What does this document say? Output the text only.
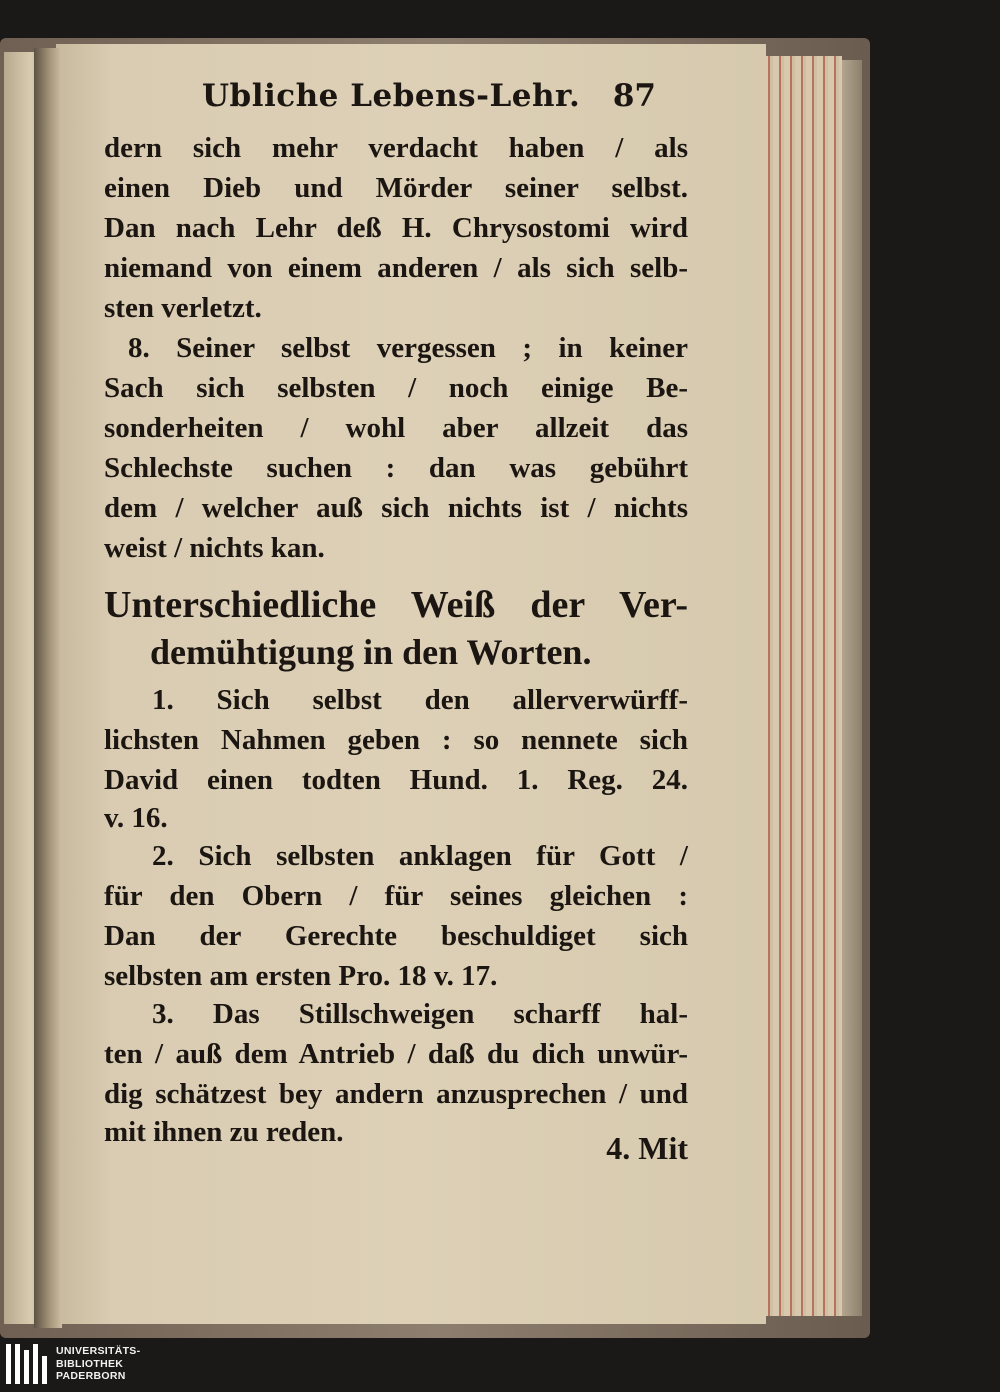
Ubliche Lebens-Lehr.	87
dern sich mehr verdacht haben / als
einen Dieb und Mörder seiner selbst.
Dan nach Lehr deß H. Chrysostomi wird
niemand von einem anderen / als sich selb-
sten verletzt.
8. Seiner selbst vergessen ; in keiner
Sach sich selbsten / noch einige Be-
sonderheiten / wohl aber allzeit das
Schlechste suchen : dan was gebührt
dem / welcher auß sich nichts ist / nichts
weist / nichts kan.
Unterschiedliche Weiß der Ver-
demühtigung in den Worten.
1. Sich selbst den allerverwürff-
lichsten Nahmen geben : so nennete sich
David einen todten Hund. 1. Reg. 24.
v. 16.
2. Sich selbsten anklagen für Gott /
für den Obern / für seines gleichen :
Dan der Gerechte beschuldiget sich
selbsten am ersten Pro. 18 v. 17.
3. Das Stillschweigen scharff hal-
ten / auß dem Antrieb / daß du dich unwür-
dig schätzest bey andern anzusprechen / und
mit ihnen zu reden.	4. Mit
UNIVERSITÄTS-
BIBLIOTHEK
PADERBORN
